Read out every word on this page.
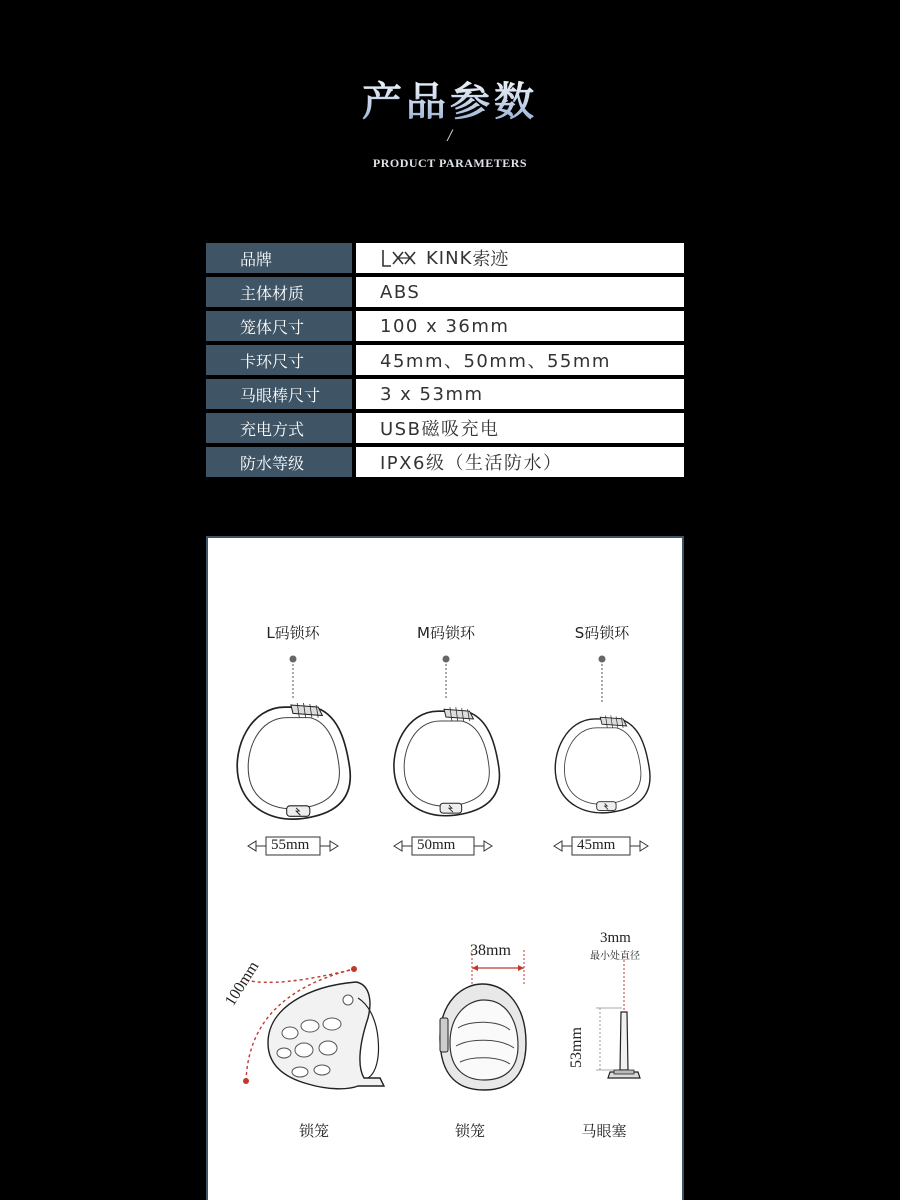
产品参数
/
PRODUCT PARAMETERS
品牌	KINK 索迹
主体材质	ABS
笼体尺寸	100 x 36mm
卡环尺寸	45mm、50mm、55mm
马眼棒尺寸	3 x 53mm
充电方式	USB磁吸充电
防水等级	IPX6级（生活防水）
L码锁环	M码锁环	S码锁环
55mm	50mm	45mm
100mm
38mm
3mm
最小处直径
53mm
锁笼	锁笼	马眼塞
